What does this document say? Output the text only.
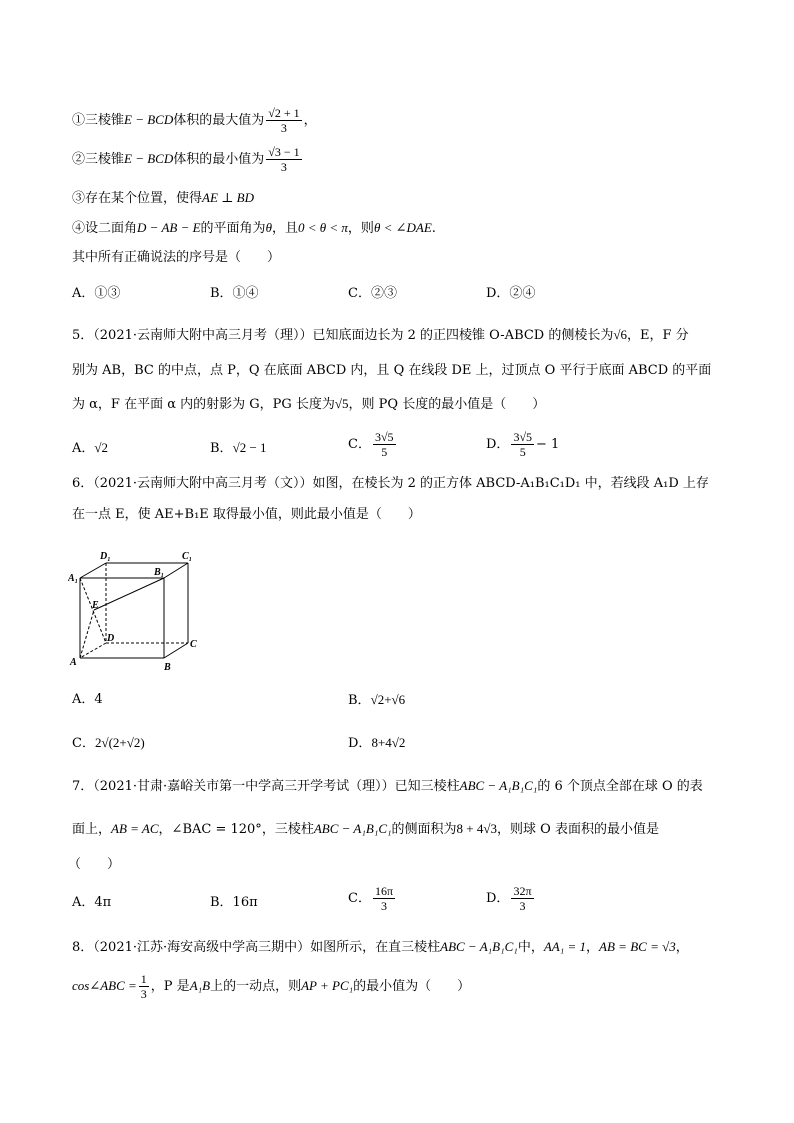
①三棱锥E − BCD体积的最大值为 $\frac{√2 + 1}{3}$ ，
②三棱锥E − BCD体积的最小值为 $\frac{√3 - 1}{3}$
③存在某个位置，使得AE ⊥ BD
④设二面角D − AB − E的平面角为θ，且0 < θ < π，则θ < ∠DAE.
其中所有正确说法的序号是（　　）
A．①③	B．①④	C．②③	D．②④
5．（2021·云南师大附中高三月考（理））已知底面边长为 2 的正四棱锥 O-ABCD 的侧棱长为√6，E，F 分
别为 AB，BC 的中点，点 P，Q 在底面 ABCD 内，且 Q 在线段 DE 上，过顶点 O 平行于底面 ABCD 的平面
为 α，F 在平面 α 内的射影为 G，PG 长度为√5，则 PQ 长度的最小值是（　　）
A．√2	B．√2 − 1	C． $\frac{3√5}{5}$	D． $\frac{3√5}{5} - 1$
6．（2021·云南师大附中高三月考（文））如图，在棱长为 2 的正方体 ABCD-A₁B₁C₁D₁ 中，若线段 A₁D 上存
在一点 E，使 AE+B₁E 取得最小值，则此最小值是（　　）
D₁	C₁
A₁
B₁
E
D
C
A	B
A．4	B．√2+√6
C．2√(2+√2)	D．8+4√2
7．（2021·甘肃·嘉峪关市第一中学高三开学考试（理））已知三棱柱ABC − A₁B₁C₁的 6 个顶点全部在球 O 的表
面上，AB = AC，∠BAC = 120°，三棱柱ABC − A₁B₁C₁的侧面积为8 + 4√3，则球 O 表面积的最小值是
（　　）
A．4π	B．16π	C． $\frac{16\pi}{3}$	D． $\frac{32\pi}{3}$
8．（2021·江苏·海安高级中学高三期中）如图所示，在直三棱柱ABC − A₁B₁C₁中，AA₁ = 1，AB = BC = √3，
cos∠ABC = $\frac{1}{3}$ ，P 是A₁B上的一动点，则AP + PC₁的最小值为（　　）
